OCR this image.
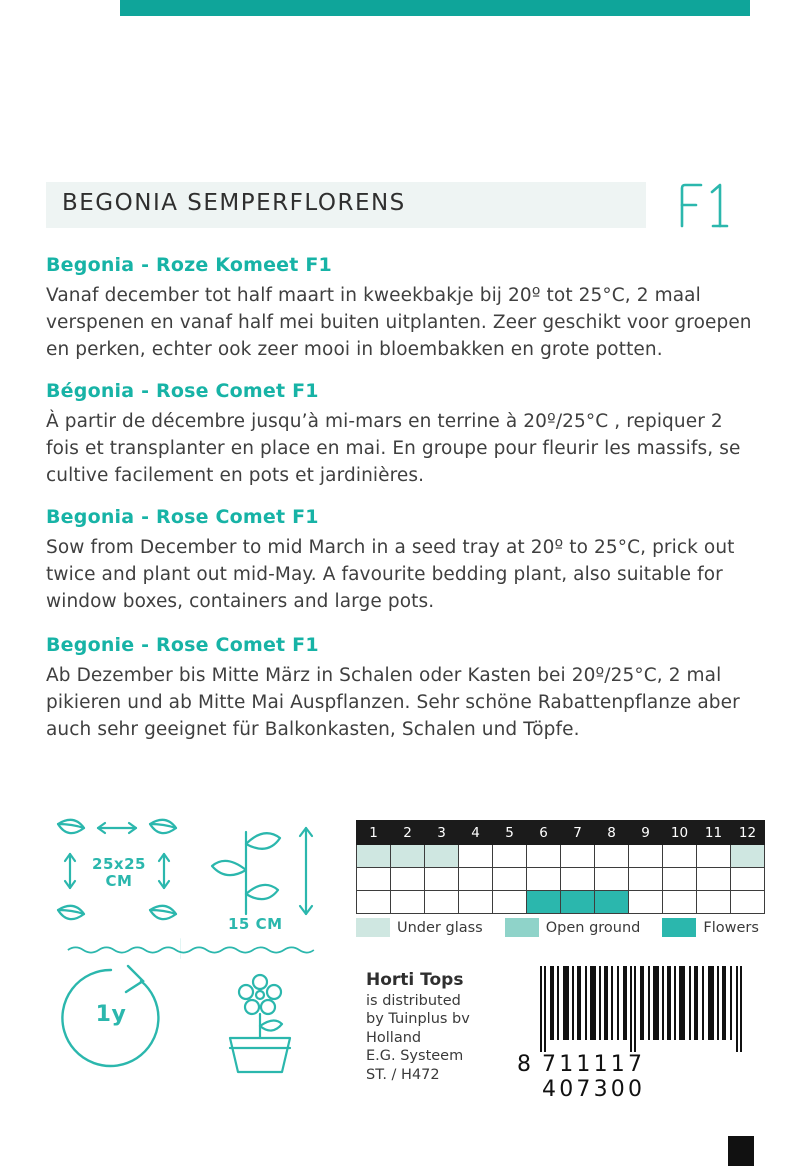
BEGONIA SEMPERFLORENS
Begonia - Roze Komeet F1

Vanaf december tot half maart in kweekbakje bij 20º tot 25°C, 2 maal verspenen en vanaf half mei buiten uitplanten. Zeer geschikt voor groepen en perken, echter ook zeer mooi in bloembakken en grote potten.

Bégonia - Rose Comet F1

À partir de décembre jusqu’à mi-mars en terrine à 20º/25°C , repiquer 2 fois et transplanter en place en mai. En groupe pour fleurir les massifs, se cultive facilement en pots et jardinières.

Begonia - Rose Comet F1

Sow from December to mid March in a seed tray at 20º to 25°C, prick out twice and plant out mid-May. A favourite bedding plant, also suitable for window boxes, containers and large pots.

Begonie - Rose Comet F1

Ab Dezember bis Mitte März in Schalen oder Kasten bei 20º/25°C, 2 mal pikieren und ab Mitte Mai Auspflanzen. Sehr schöne Rabattenpflanze aber auch sehr geeignet für Balkonkasten, Schalen und Töpfe.

25x25
CM
15 CM
1y
1	2	3	4	5	6	7	8	9	10	11	12

Under glass	Open ground	Flowers
Horti Tops
is distributed
by Tuinplus bv
Holland
E.G. Systeem
ST. / H472	8 711117 407300
